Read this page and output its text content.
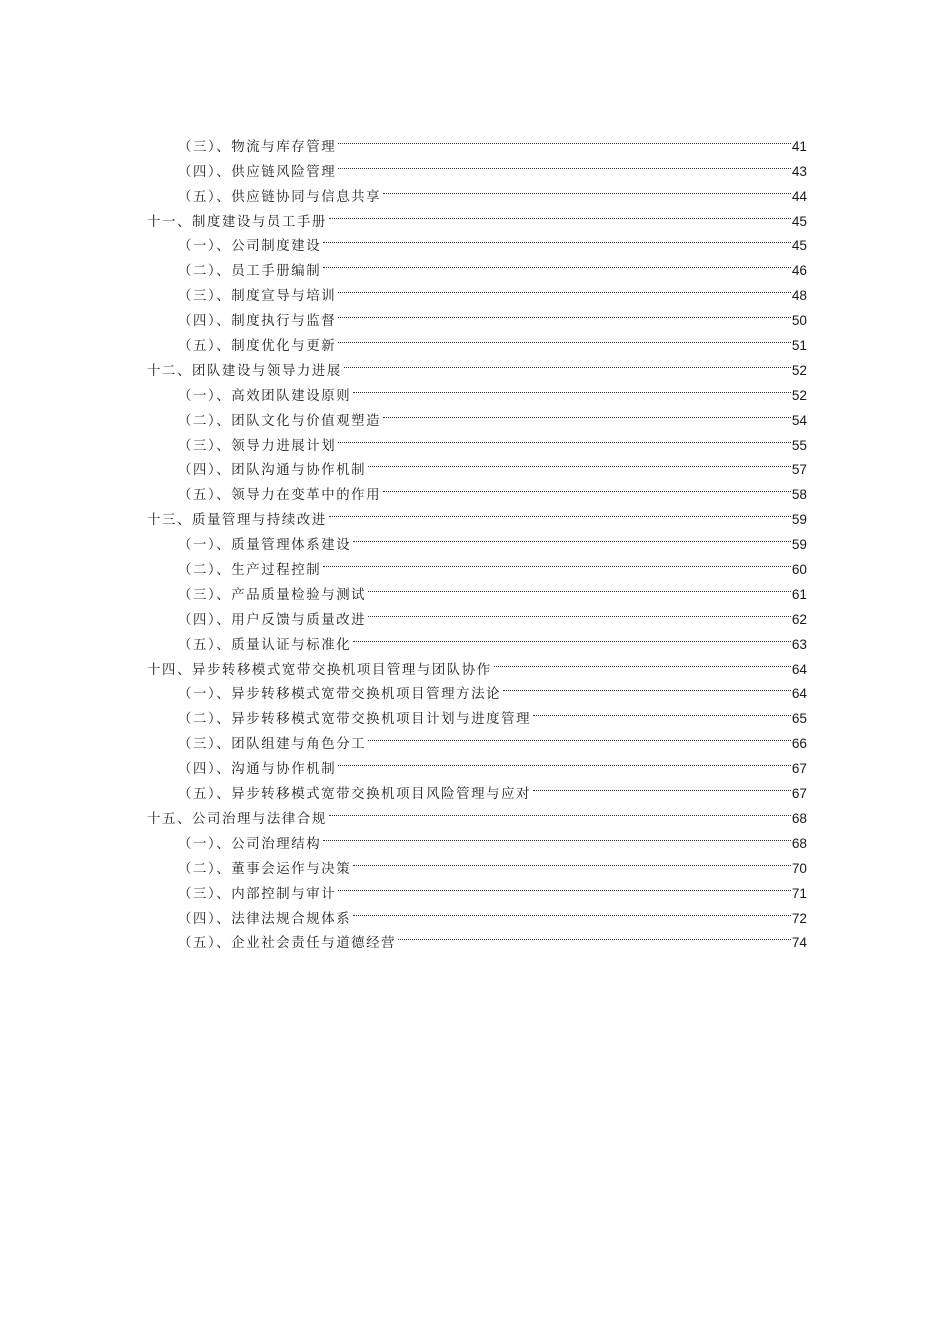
（三）、物流与库存管理	41
（四）、供应链风险管理	43
（五）、供应链协同与信息共享	44
十一、制度建设与员工手册	45
（一）、公司制度建设	45
（二）、员工手册编制	46
（三）、制度宣导与培训	48
（四）、制度执行与监督	50
（五）、制度优化与更新	51
十二、团队建设与领导力进展	52
（一）、高效团队建设原则	52
（二）、团队文化与价值观塑造	54
（三）、领导力进展计划	55
（四）、团队沟通与协作机制	57
（五）、领导力在变革中的作用	58
十三、质量管理与持续改进	59
（一）、质量管理体系建设	59
（二）、生产过程控制	60
（三）、产品质量检验与测试	61
（四）、用户反馈与质量改进	62
（五）、质量认证与标准化	63
十四、异步转移模式宽带交换机项目管理与团队协作	64
（一）、异步转移模式宽带交换机项目管理方法论	64
（二）、异步转移模式宽带交换机项目计划与进度管理	65
（三）、团队组建与角色分工	66
（四）、沟通与协作机制	67
（五）、异步转移模式宽带交换机项目风险管理与应对	67
十五、公司治理与法律合规	68
（一）、公司治理结构	68
（二）、董事会运作与决策	70
（三）、内部控制与审计	71
（四）、法律法规合规体系	72
（五）、企业社会责任与道德经营	74
